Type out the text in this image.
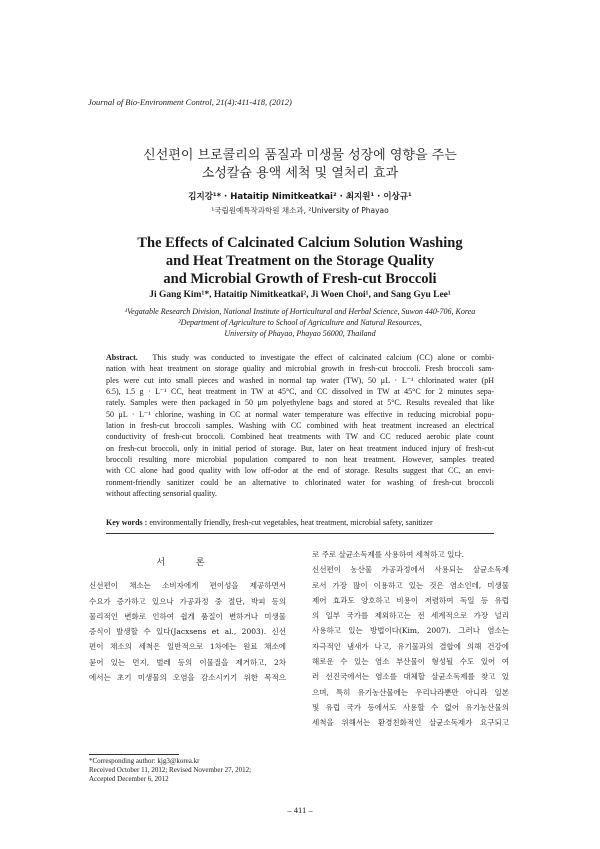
Journal of Bio-Environment Control, 21(4):411-418, (2012)
신선편이 브로콜리의 품질과 미생물 성장에 영향을 주는
소성칼슘 용액 세척 및 열처리 효과
김지강¹* · Hataitip Nimitkeatkai² · 최지원¹ · 이상규¹
¹국립원예특작과학원 채소과, ²University of Phayao
The Effects of Calcinated Calcium Solution Washing
and Heat Treatment on the Storage Quality
and Microbial Growth of Fresh-cut Broccoli
Ji Gang Kim¹*, Hataitip Nimitkeatkai², Ji Woen Choi¹, and Sang Gyu Lee¹
¹Vegatable Research Division, National Institute of Horticultural and Herbal Science, Suwon 440-706, Korea
²Department of Agriculture to School of Agriculture and Natural Resources,
University of Phayao, Phayao 56000, Thailand
Abstract. This study was conducted to investigate the effect of calcinated calcium (CC) alone or combi-
nation with heat treatment on storage quality and microbial growth in fresh-cut broccoli. Fresh broccoli sam-
ples were cut into small pieces and washed in normal tap water (TW), 50 μL · L⁻¹ chlorinated water (pH
6.5), 1.5 g · L⁻¹ CC, heat treatment in TW at 45°C, and CC dissolved in TW at 45°C for 2 minutes sepa-
rately. Samples were then packaged in 50 μm polyethylene bags and stored at 5°C. Results revealed that like
50 μL · L⁻¹ chlorine, washing in CC at normal water temperature was effective in reducing microbial popu-
lation in fresh-cut broccoli samples. Washing with CC combined with heat treatment increased an electrical
conductivity of fresh-cut broccoli. Combined heat treatments with TW and CC reduced aerobic plate count
on fresh-cut broccoli, only in initial period of storage. But, later on heat treatment induced injury of fresh-cut
broccoli resulting more microbial population compared to non heat treatment. However, samples treated
with CC alone had good quality with low off-odor at the end of storage. Results suggest that CC, an envi-
ronment-friendly sanitizer could be an alternative to chlorinated water for washing of fresh-cut broccoli
without affecting sensorial quality.
Key words : environmentally friendly, fresh-cut vegetables, heat treatment, microbial safety, sanitizer
서 론
신선편이 채소는 소비자에게 편이성을 제공하면서
수요가 증가하고 있으나 가공과정 중 절단, 박피 등의
물리적인 변화로 인하여 쉽게 품질이 변하거나 미생물
증식이 발생할 수 있다(Jacxsens et al., 2003). 신선
편이 채소의 세척은 일반적으로 1차에는 원료 채소에
묻어 있는 먼지, 벌레 등의 이물질을 제거하고, 2차
에서는 초기 미생물의 오염을 감소시키기 위한 목적으
로 주로 살균소독제를 사용하여 세척하고 있다.
신선편이 농산물 가공과정에서 사용되는 살균소독제
로서 가장 많이 이용하고 있는 것은 염소인데, 미생물
제어 효과도 양호하고 비용이 저렴하여 독일 등 유럽
의 일부 국가를 제외하고는 전 세계적으로 가장 널리
사용하고 있는 방법이다(Kim, 2007). 그러나 염소는
자극적인 냄새가 나고, 유기물과의 결합에 의해 건강에
해로운 수 있는 염소 부산물이 형성될 수도 있어 여
러 선진국에서는 염소를 대체할 살균소독제를 찾고 있
으며, 특히 유기농산물에는 우리나라뿐만 아니라 일본
및 유럽 국가 등에서도 사용할 수 없어 유기농산물의
세척을 위해서는 환경친화적인 살균소독제가 요구되고
*Corresponding author: kjg3@korea.kr
Received October 11, 2012; Revised November 27, 2012;
Accepted December 6, 2012
– 411 –
